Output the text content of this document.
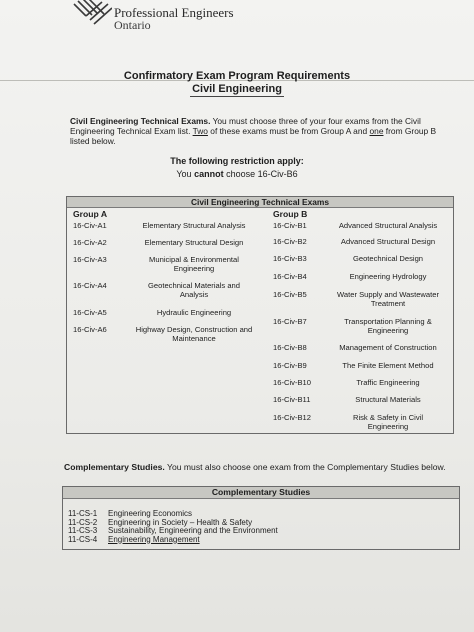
Professional Engineers
Ontario
Confirmatory Exam Program Requirements
Civil Engineering
Civil Engineering Technical Exams. You must choose three of your four exams from the Civil Engineering Technical Exam list. Two of these exams must be from Group A and one from Group B listed below.
The following restriction apply:
You cannot choose 16-Civ-B6
Civil Engineering Technical Exams
Group A	Group B
16-Civ-A1	Elementary Structural Analysis
16-Civ-A2	Elementary Structural Design
16-Civ-A3	Municipal & Environmental
Engineering
16-Civ-A4	Geotechnical Materials and
Analysis
16-Civ-A5	Hydraulic Engineering
16-Civ-A6	Highway Design, Construction and
Maintenance
16-Civ-B1	Advanced Structural Analysis
16-Civ-B2	Advanced Structural Design
16-Civ-B3	Geotechnical Design
16-Civ-B4	Engineering Hydrology
16-Civ-B5	Water Supply and Wastewater
Treatment
16-Civ-B7	Transportation Planning &
Engineering
16-Civ-B8	Management of Construction
16-Civ-B9	The Finite Element Method
16-Civ-B10	Traffic Engineering
16-Civ-B11	Structural Materials
16-Civ-B12	Risk & Safety in Civil
Engineering
Complementary Studies. You must also choose one exam from the Complementary Studies below.
Complementary Studies
11-CS-1 Engineering Economics
11-CS-2 Engineering in Society – Health & Safety
11-CS-3 Sustainability, Engineering and the Environment
11-CS-4 Engineering Management
